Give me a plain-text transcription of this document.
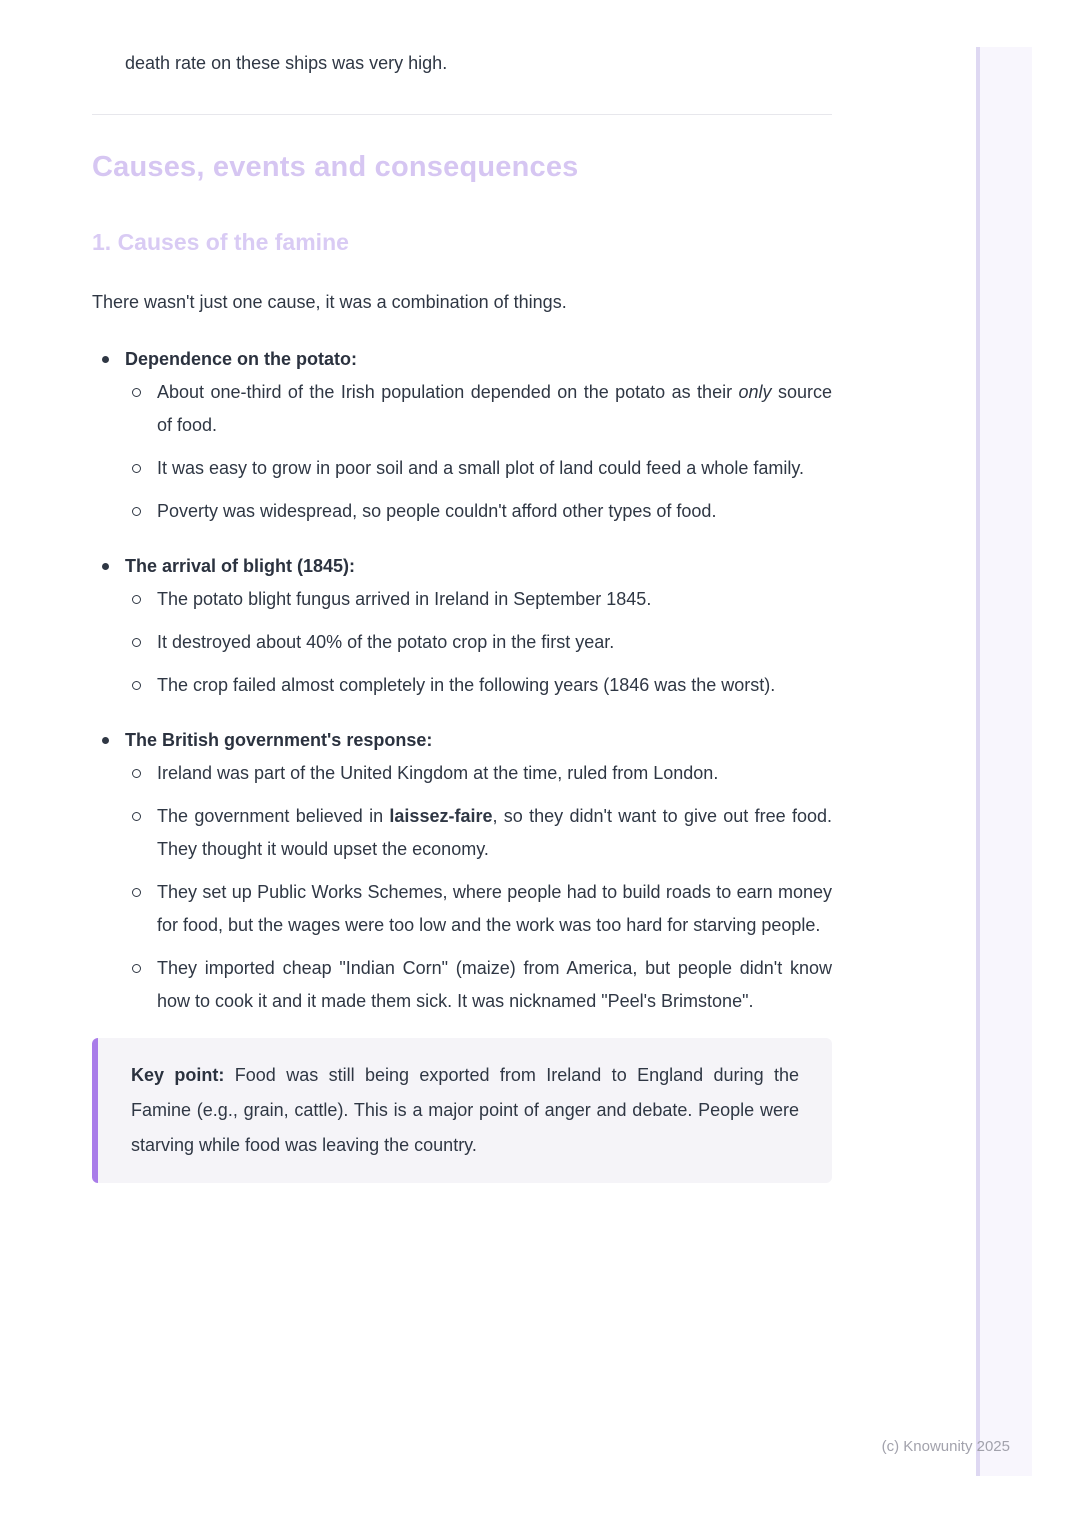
death rate on these ships was very high.

Causes, events and consequences
1. Causes of the famine

There wasn't just one cause, it was a combination of things.

Dependence on the potato:
About one-third of the Irish population depended on the potato as their only source of food.
It was easy to grow in poor soil and a small plot of land could feed a whole family.
Poverty was widespread, so people couldn't afford other types of food.
The arrival of blight (1845):
The potato blight fungus arrived in Ireland in September 1845.
It destroyed about 40% of the potato crop in the first year.
The crop failed almost completely in the following years (1846 was the worst).
The British government's response:
Ireland was part of the United Kingdom at the time, ruled from London.
The government believed in laissez-faire, so they didn't want to give out free food. They thought it would upset the economy.
They set up Public Works Schemes, where people had to build roads to earn money for food, but the wages were too low and the work was too hard for starving people.
They imported cheap "Indian Corn" (maize) from America, but people didn't know how to cook it and it made them sick. It was nicknamed "Peel's Brimstone".

Key point: Food was still being exported from Ireland to England during the Famine (e.g., grain, cattle). This is a major point of anger and debate. People were starving while food was leaving the country.

(c) Knowunity 2025
